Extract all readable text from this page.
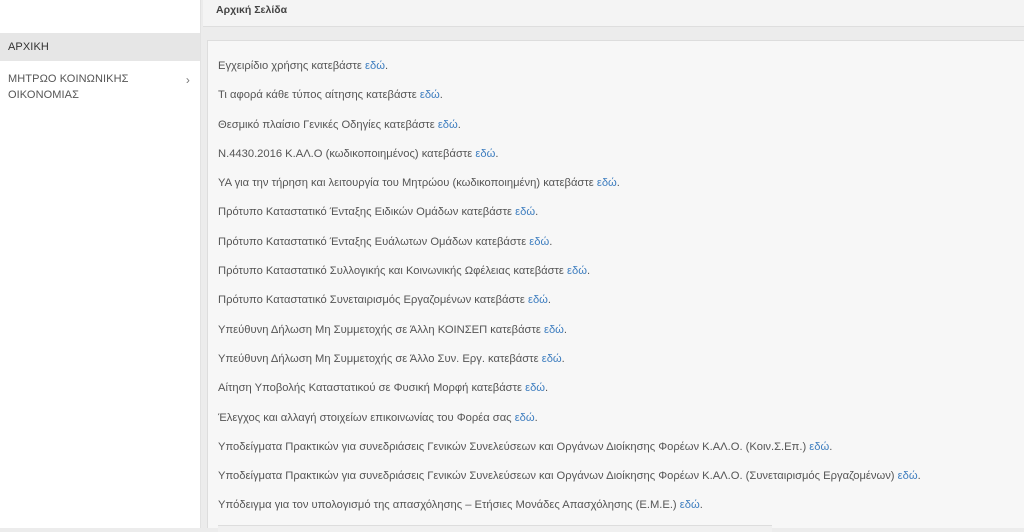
ΑΡΧΙΚΗ
ΜΗΤΡΩΟ ΚΟΙΝΩΝΙΚΗΣ ΟΙΚΟΝΟΜΙΑΣ
›
Αρχική Σελίδα
Εγχειρίδιο χρήσης κατεβάστε εδώ.
Τι αφορά κάθε τύπος αίτησης κατεβάστε εδώ.
Θεσμικό πλαίσιο Γενικές Οδηγίες κατεβάστε εδώ.
Ν.4430.2016 Κ.ΑΛ.Ο (κωδικοποιημένος) κατεβάστε εδώ.
ΥΑ για την τήρηση και λειτουργία του Μητρώου (κωδικοποιημένη) κατεβάστε εδώ.
Πρότυπο Καταστατικό Ένταξης Ειδικών Ομάδων κατεβάστε εδώ.
Πρότυπο Καταστατικό Ένταξης Ευάλωτων Ομάδων κατεβάστε εδώ.
Πρότυπο Καταστατικό Συλλογικής και Κοινωνικής Ωφέλειας κατεβάστε εδώ.
Πρότυπο Καταστατικό Συνεταιρισμός Εργαζομένων κατεβάστε εδώ.
Υπεύθυνη Δήλωση Μη Συμμετοχής σε Άλλη ΚΟΙΝΣΕΠ κατεβάστε εδώ.
Υπεύθυνη Δήλωση Μη Συμμετοχής σε Άλλο Συν. Εργ. κατεβάστε εδώ.
Αίτηση Υποβολής Καταστατικού σε Φυσική Μορφή κατεβάστε εδώ.
Έλεγχος και αλλαγή στοιχείων επικοινωνίας του Φορέα σας εδώ.
Υποδείγματα Πρακτικών για συνεδριάσεις Γενικών Συνελεύσεων και Οργάνων Διοίκησης Φορέων Κ.ΑΛ.Ο. (Κοιν.Σ.Επ.) εδώ.
Υποδείγματα Πρακτικών για συνεδριάσεις Γενικών Συνελεύσεων και Οργάνων Διοίκησης Φορέων Κ.ΑΛ.Ο. (Συνεταιρισμός Εργαζομένων) εδώ.
Υπόδειγμα για τον υπολογισμό της απασχόλησης – Ετήσιες Μονάδες Απασχόλησης (Ε.Μ.Ε.) εδώ.
